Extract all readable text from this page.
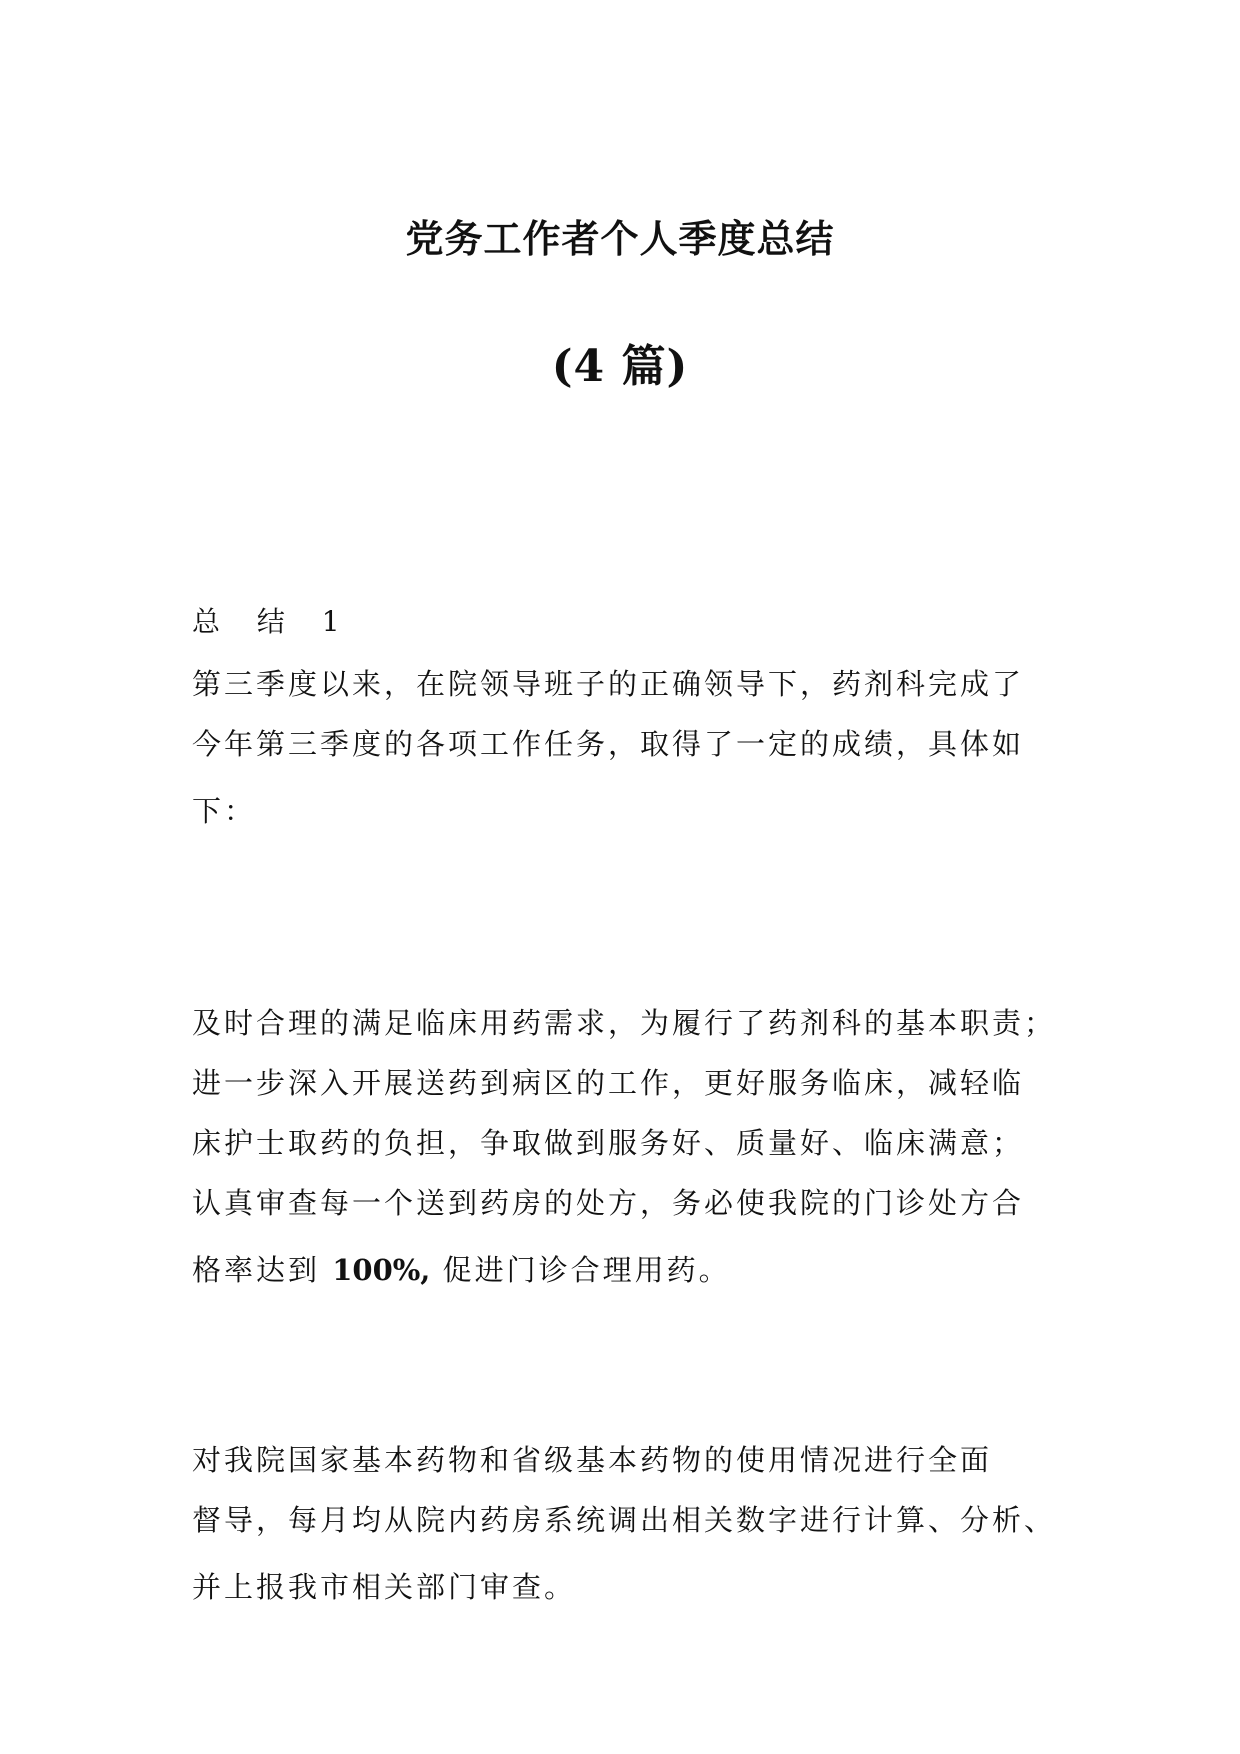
党务工作者个人季度总结
(4 篇)

总 结 1

第三季度以来，在院领导班子的正确领导下，药剂科完成了
今年第三季度的各项工作任务，取得了一定的成绩，具体如
下：
及时合理的满足临床用药需求，为履行了药剂科的基本职责；
进一步深入开展送药到病区的工作，更好服务临床，减轻临
床护士取药的负担，争取做到服务好、质量好、临床满意；
认真审查每一个送到药房的处方，务必使我院的门诊处方合
格率达到 100%, 促进门诊合理用药。
对我院国家基本药物和省级基本药物的使用情况进行全面
督导，每月均从院内药房系统调出相关数字进行计算、分析、
并上报我市相关部门审查。
